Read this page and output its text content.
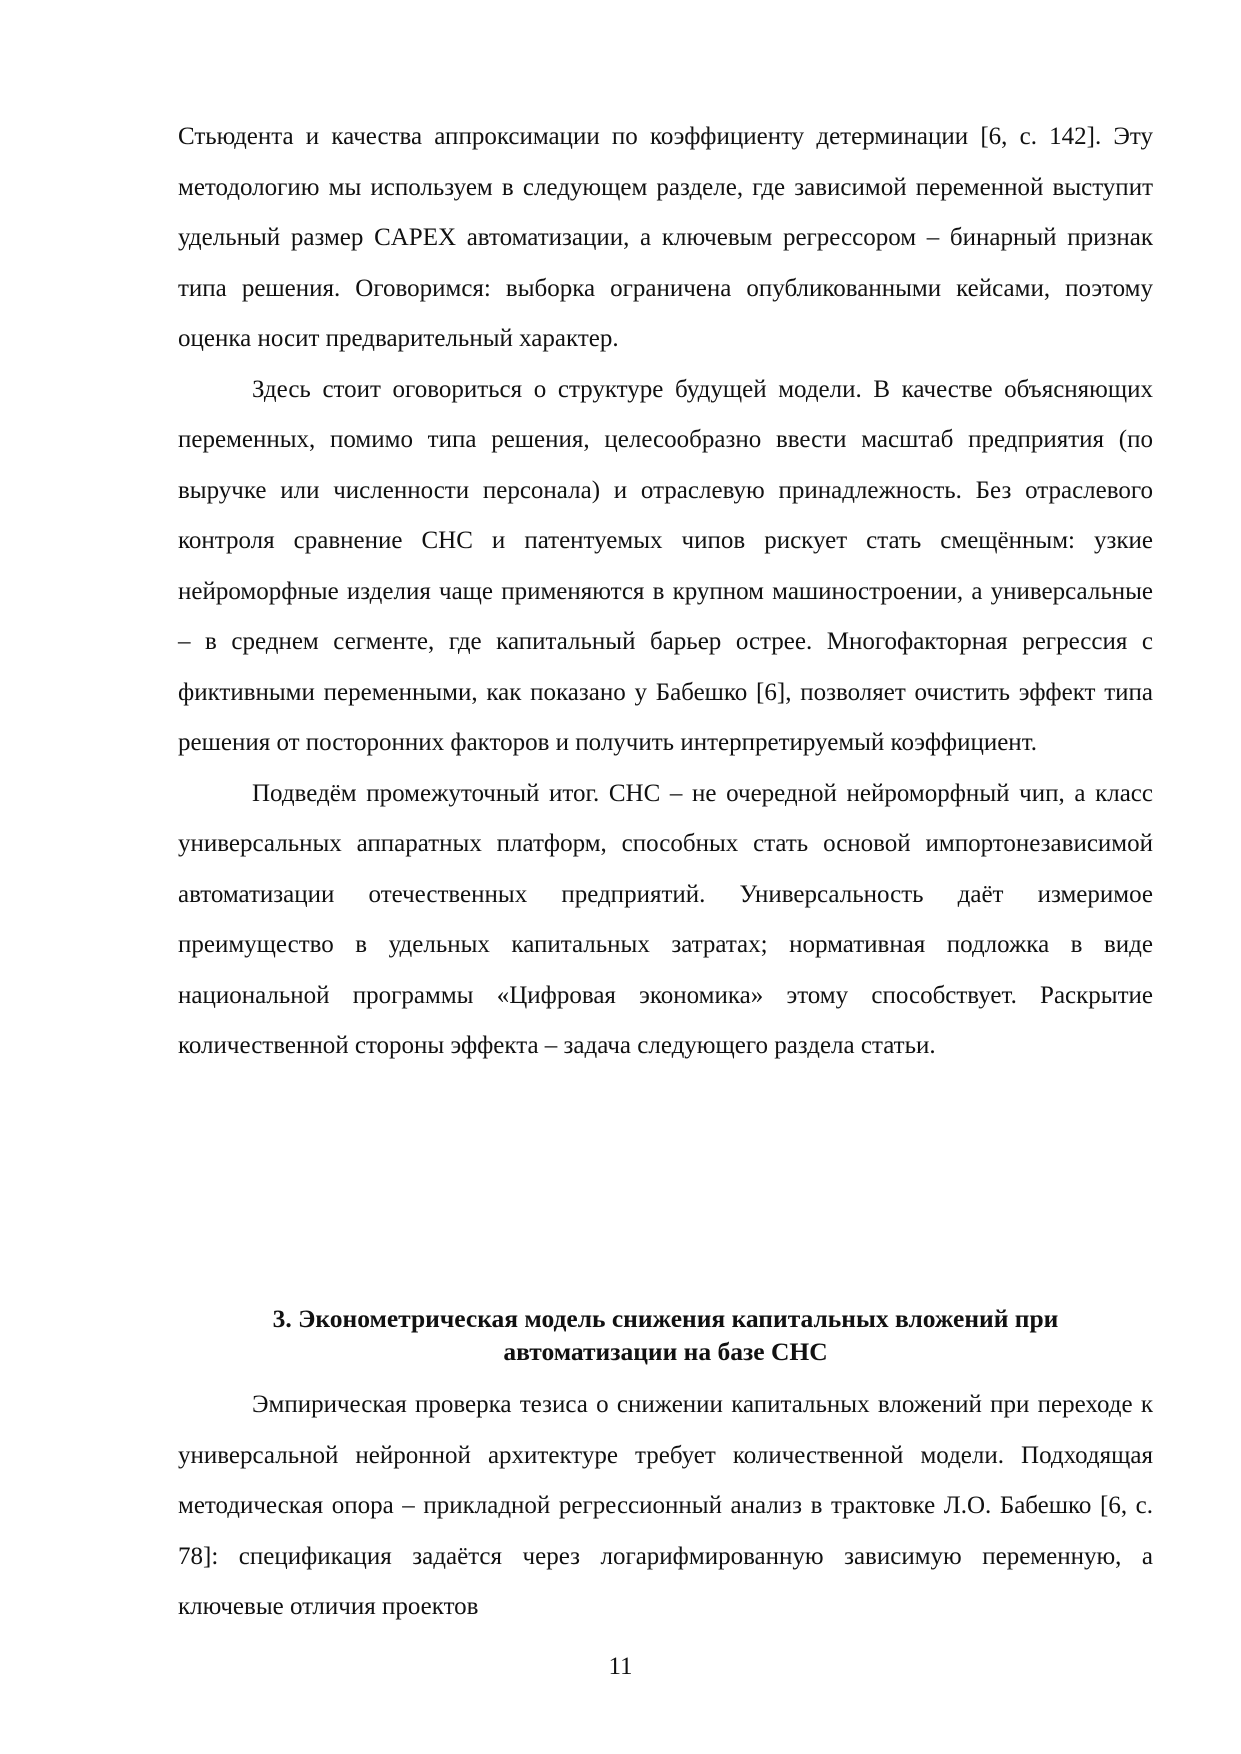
Стьюдента и качества аппроксимации по коэффициенту детерминации [6, с. 142]. Эту методологию мы используем в следующем разделе, где зависимой переменной выступит удельный размер CAPEX автоматизации, а ключевым регрессором – бинарный признак типа решения. Оговоримся: выборка ограничена опубликованными кейсами, поэтому оценка носит предварительный характер.

Здесь стоит оговориться о структуре будущей модели. В качестве объясняющих переменных, помимо типа решения, целесообразно ввести масштаб предприятия (по выручке или численности персонала) и отраслевую принадлежность. Без отраслевого контроля сравнение СНС и патентуемых чипов рискует стать смещённым: узкие нейроморфные изделия чаще применяются в крупном машиностроении, а универсальные – в среднем сегменте, где капитальный барьер острее. Многофакторная регрессия с фиктивными переменными, как показано у Бабешко [6], позволяет очистить эффект типа решения от посторонних факторов и получить интерпретируемый коэффициент.

Подведём промежуточный итог. СНС – не очередной нейроморфный чип, а класс универсальных аппаратных платформ, способных стать основой импортонезависимой автоматизации отечественных предприятий. Универсальность даёт измеримое преимущество в удельных капитальных затратах; нормативная подложка в виде национальной программы «Цифровая экономика» этому способствует. Раскрытие количественной стороны эффекта – задача следующего раздела статьи.

3. Эконометрическая модель снижения капитальных вложений при
автоматизации на базе СНС

Эмпирическая проверка тезиса о снижении капитальных вложений при переходе к универсальной нейронной архитектуре требует количественной модели. Подходящая методическая опора – прикладной регрессионный анализ в трактовке Л.О. Бабешко [6, с. 78]: спецификация задаётся через логарифмированную зависимую переменную, а ключевые отличия проектов

11
